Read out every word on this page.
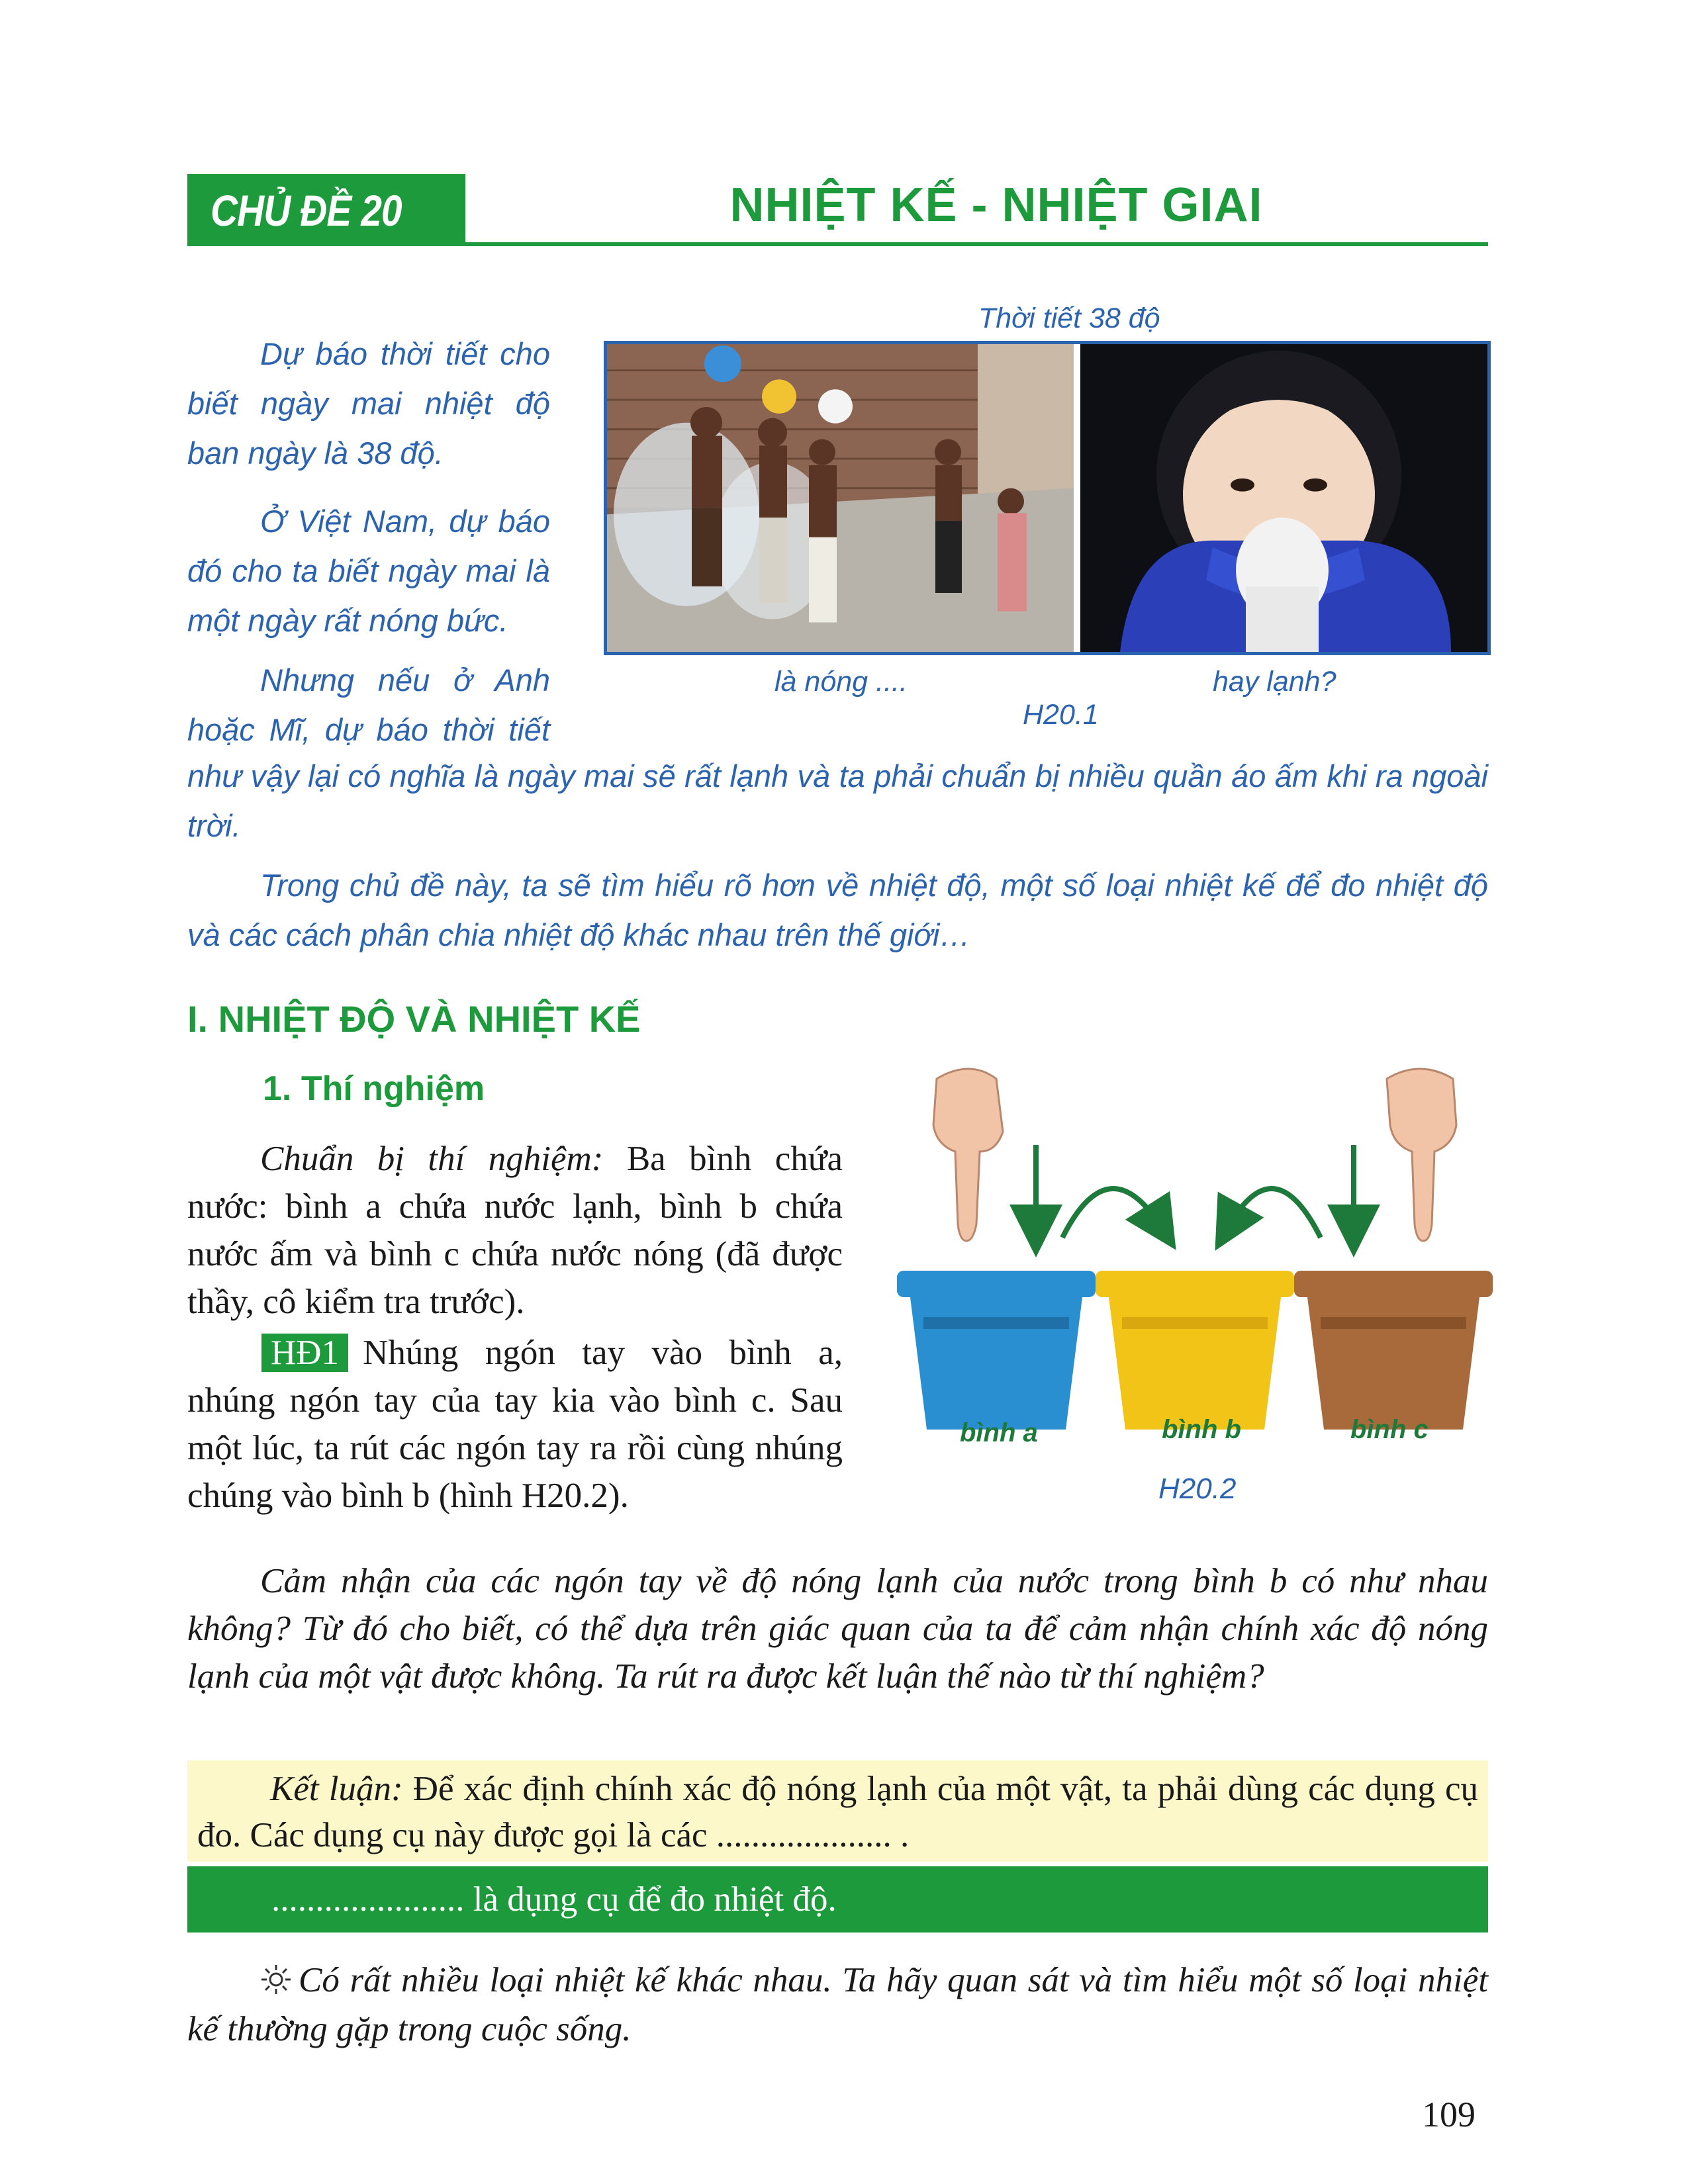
CHỦ ĐỀ 20	NHIỆT KẾ - NHIỆT GIAI
Dự báo thời tiết cho biết ngày mai nhiệt độ ban ngày là 38 độ.
Ở Việt Nam, dự báo đó cho ta biết ngày mai là một ngày rất nóng bức.
Nhưng nếu ở Anh
hoặc Mĩ, dự báo thời tiết
như vậy lại có nghĩa là ngày mai sẽ rất lạnh và ta phải chuẩn bị nhiều quần áo ấm khi ra ngoài trời.
Trong chủ đề này, ta sẽ tìm hiểu rõ hơn về nhiệt độ, một số loại nhiệt kế để đo nhiệt độ và các cách phân chia nhiệt độ khác nhau trên thế giới…
Thời tiết 38 độ
là nóng ....	hay lạnh?
H20.1
I. NHIỆT ĐỘ VÀ NHIỆT KẾ
1. Thí nghiệm
Chuẩn bị thí nghiệm: Ba bình chứa nước: bình a chứa nước lạnh, bình b chứa nước ấm và bình c chứa nước nóng (đã được thầy, cô kiểm tra trước).
HĐ1 Nhúng ngón tay vào bình a, nhúng ngón tay của tay kia vào bình c. Sau một lúc, ta rút các ngón tay ra rồi cùng nhúng chúng vào bình b (hình H20.2).
bình a	bình b	bình c
H20.2
Cảm nhận của các ngón tay về độ nóng lạnh của nước trong bình b có như nhau không? Từ đó cho biết, có thể dựa trên giác quan của ta để cảm nhận chính xác độ nóng lạnh của một vật được không. Ta rút ra được kết luận thế nào từ thí nghiệm?
Kết luận: Để xác định chính xác độ nóng lạnh của một vật, ta phải dùng các dụng cụ đo. Các dụng cụ này được gọi là các .................... .
...................... là dụng cụ để đo nhiệt độ.
Có rất nhiều loại nhiệt kế khác nhau. Ta hãy quan sát và tìm hiểu một số loại nhiệt kế thường gặp trong cuộc sống.
109
